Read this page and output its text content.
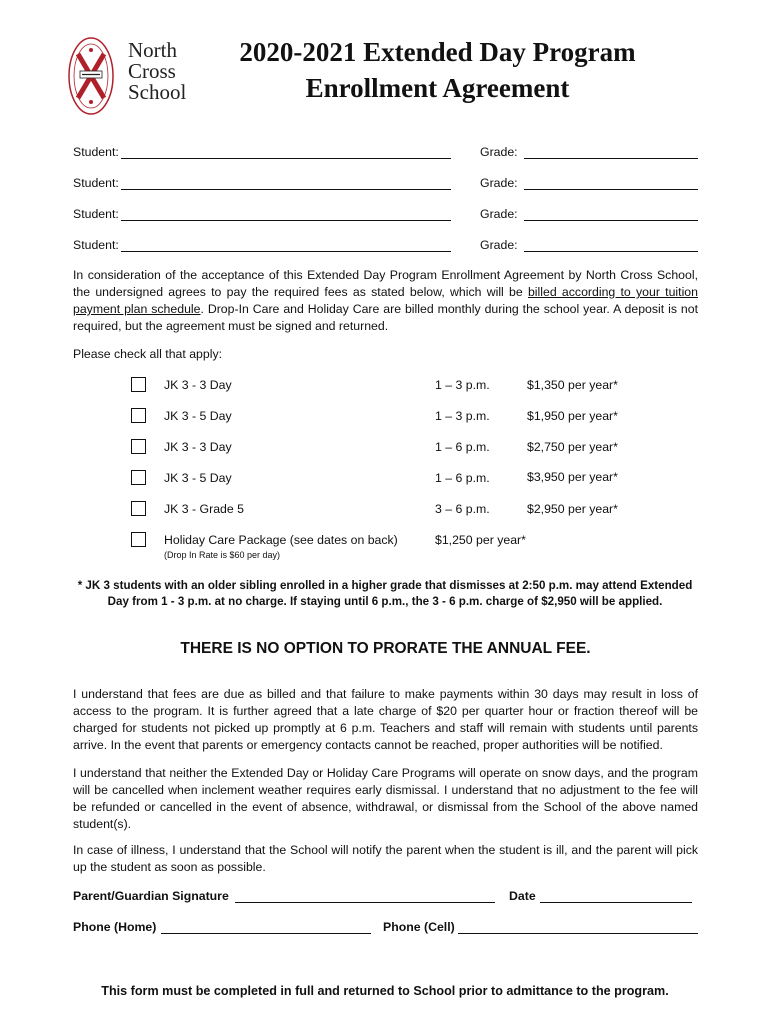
North
Cross
School
2020-2021 Extended Day Program
Enrollment Agreement
Student:	Grade:
Student:	Grade:
Student:	Grade:
Student:	Grade:
In consideration of the acceptance of this Extended Day Program Enrollment Agreement by North Cross School, the undersigned agrees to pay the required fees as stated below, which will be billed according to your tuition payment plan schedule. Drop-In Care and Holiday Care are billed monthly during the school year. A deposit is not required, but the agreement must be signed and returned.
Please check all that apply:
JK 3 - 3 Day	1 – 3 p.m.	$1,350 per year*
JK 3 - 5 Day	1 – 3 p.m.	$1,950 per year*
JK 3 - 3 Day	1 – 6 p.m.	$2,750 per year*
JK 3 - 5 Day	1 – 6 p.m.	$3,950 per year*
JK 3 - Grade 5	3 – 6 p.m.	$2,950 per year*
Holiday Care Package (see dates on back)	$1,250 per year*
(Drop In Rate is $60 per day)
* JK 3 students with an older sibling enrolled in a higher grade that dismisses at 2:50 p.m. may attend Extended
Day from 1 - 3 p.m. at no charge. If staying until 6 p.m., the 3 - 6 p.m. charge of $2,950 will be applied.
THERE IS NO OPTION TO PRORATE THE ANNUAL FEE.
I understand that fees are due as billed and that failure to make payments within 30 days may result in loss of access to the program. It is further agreed that a late charge of $20 per quarter hour or fraction thereof will be charged for students not picked up promptly at 6 p.m. Teachers and staff will remain with students until parents arrive. In the event that parents or emergency contacts cannot be reached, proper authorities will be notified.
I understand that neither the Extended Day or Holiday Care Programs will operate on snow days, and the program will be cancelled when inclement weather requires early dismissal. I understand that no adjustment to the fee will be refunded or cancelled in the event of absence, withdrawal, or dismissal from the School of the above named student(s).
In case of illness, I understand that the School will notify the parent when the student is ill, and the parent will pick up the student as soon as possible.
Parent/Guardian Signature	Date
Phone (Home)	Phone (Cell)
This form must be completed in full and returned to School prior to admittance to the program.
